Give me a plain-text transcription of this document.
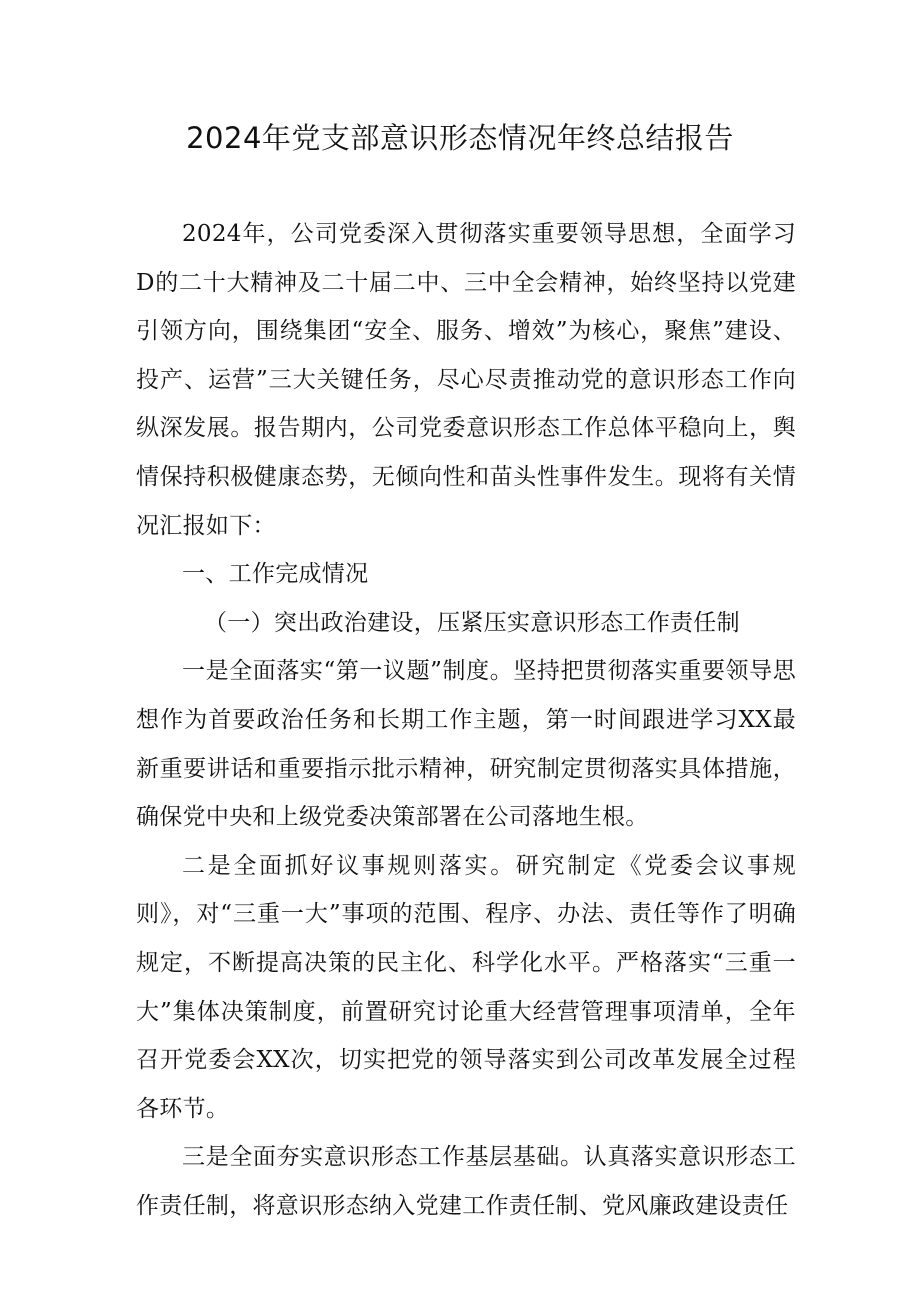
2024年党支部意识形态情况年终总结报告

2024年，公司党委深入贯彻落实重要领导思想，全面学习D的二十大精神及二十届二中、三中全会精神，始终坚持以党建引领方向，围绕集团“安全、服务、增效”为核心，聚焦”建设、投产、运营”三大关键任务，尽心尽责推动党的意识形态工作向纵深发展。报告期内，公司党委意识形态工作总体平稳向上，舆情保持积极健康态势，无倾向性和苗头性事件发生。现将有关情况汇报如下：

一、工作完成情况

（一）突出政治建设，压紧压实意识形态工作责任制

一是全面落实“第一议题”制度。坚持把贯彻落实重要领导思想作为首要政治任务和长期工作主题，第一时间跟进学习XX最新重要讲话和重要指示批示精神，研究制定贯彻落实具体措施，确保党中央和上级党委决策部署在公司落地生根。

二是全面抓好议事规则落实。研究制定《党委会议事规则》，对“三重一大”事项的范围、程序、办法、责任等作了明确规定，不断提高决策的民主化、科学化水平。严格落实“三重一大”集体决策制度，前置研究讨论重大经营管理事项清单，全年召开党委会XX次，切实把党的领导落实到公司改革发展全过程各环节。

三是全面夯实意识形态工作基层基础。认真落实意识形态工作责任制，将意识形态纳入党建工作责任制、党风廉政建设责任
